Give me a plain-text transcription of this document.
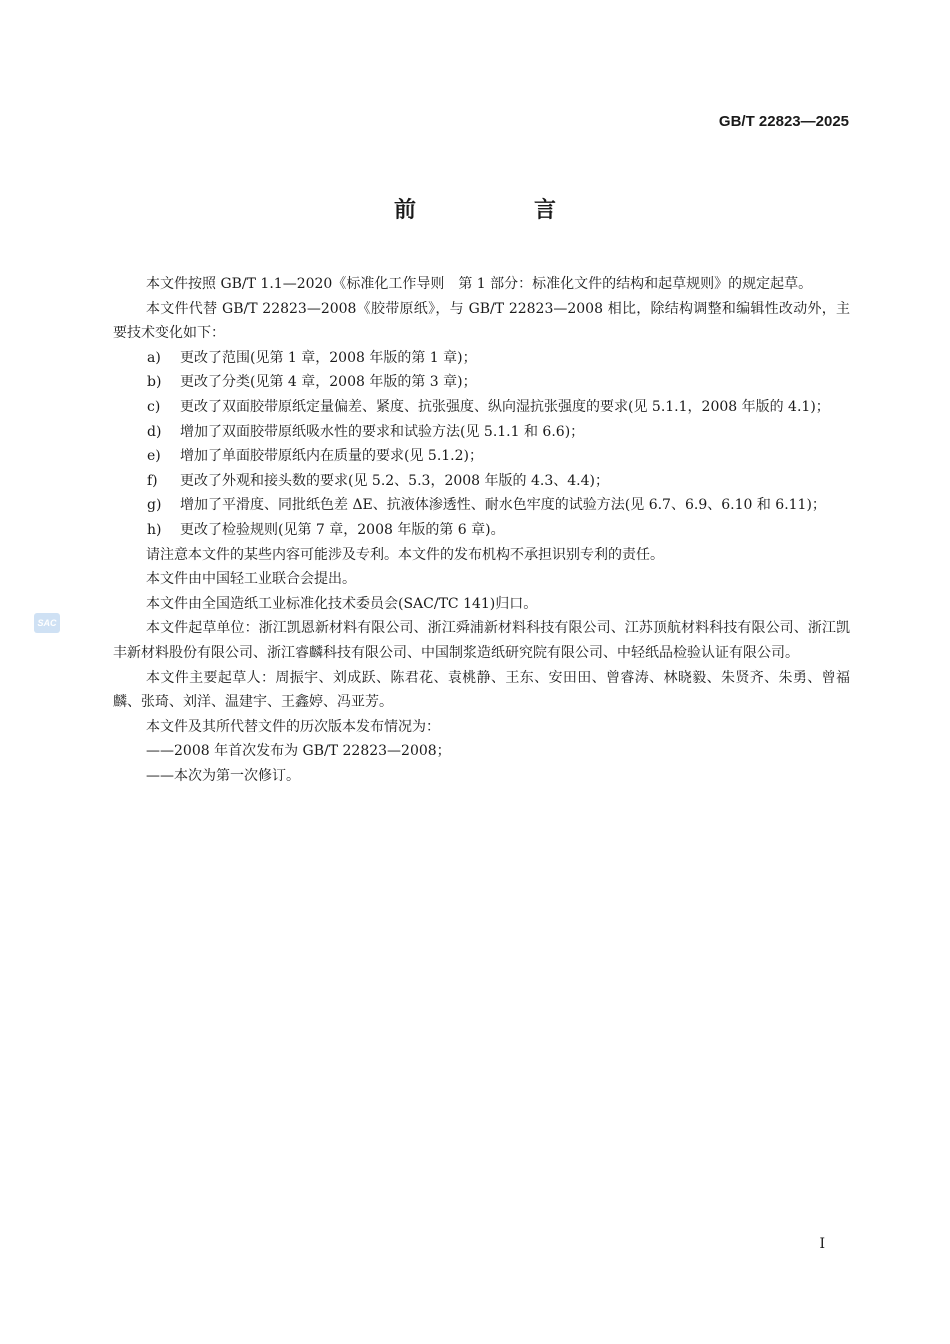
GB/T 22823—2025
前　言
SAC

本文件按照 GB/T 1.1—2020《标准化工作导则　第 1 部分：标准化文件的结构和起草规则》的规定起草。

本文件代替 GB/T 22823—2008《胶带原纸》，与 GB/T 22823—2008 相比，除结构调整和编辑性改动外，主要技术变化如下：

a)	更改了范围(见第 1 章，2008 年版的第 1 章)；
b)	更改了分类(见第 4 章，2008 年版的第 3 章)；
c)	更改了双面胶带原纸定量偏差、紧度、抗张强度、纵向湿抗张强度的要求(见 5.1.1，2008 年版的 4.1)；
d)	增加了双面胶带原纸吸水性的要求和试验方法(见 5.1.1 和 6.6)；
e)	增加了单面胶带原纸内在质量的要求(见 5.1.2)；
f)	更改了外观和接头数的要求(见 5.2、5.3，2008 年版的 4.3、4.4)；
g)	增加了平滑度、同批纸色差 ΔE、抗液体渗透性、耐水色牢度的试验方法(见 6.7、6.9、6.10 和 6.11)；
h)	更改了检验规则(见第 7 章，2008 年版的第 6 章)。

请注意本文件的某些内容可能涉及专利。本文件的发布机构不承担识别专利的责任。

本文件由中国轻工业联合会提出。

本文件由全国造纸工业标准化技术委员会(SAC/TC 141)归口。

本文件起草单位：浙江凯恩新材料有限公司、浙江舜浦新材料科技有限公司、江苏顶航材料科技有限公司、浙江凯丰新材料股份有限公司、浙江睿麟科技有限公司、中国制浆造纸研究院有限公司、中轻纸品检验认证有限公司。

本文件主要起草人：周振宇、刘成跃、陈君花、袁桃静、王东、安田田、曾睿涛、林晓毅、朱贤齐、朱勇、曾福麟、张琦、刘洋、温建宇、王鑫婷、冯亚芳。

本文件及其所代替文件的历次版本发布情况为：

——2008 年首次发布为 GB/T 22823—2008；

——本次为第一次修订。

I
